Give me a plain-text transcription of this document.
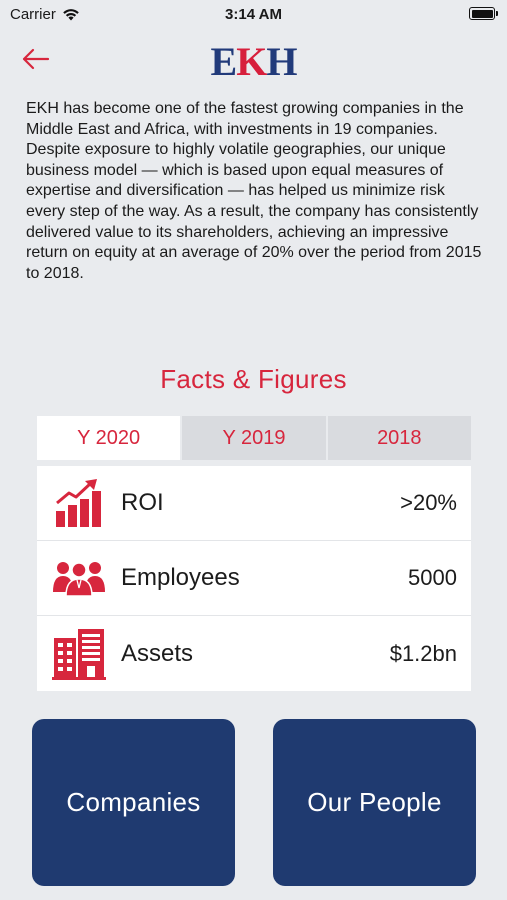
Carrier	3:14 AM
EKH

EKH has become one of the fastest growing companies in the Middle East and Africa, with investments in 19 companies. Despite exposure to highly volatile geographies, our unique business model — which is based upon equal measures of expertise and diversification — has helped us minimize risk every step of the way. As a result, the company has consistently delivered value to its shareholders, achieving an impressive return on equity at an average of 20% over the period from 2015 to 2018.

Facts & Figures
Y 2020	Y 2019	2018
ROI	>20%
Employees	5000
Assets	$1.2bn
Companies	Our People
